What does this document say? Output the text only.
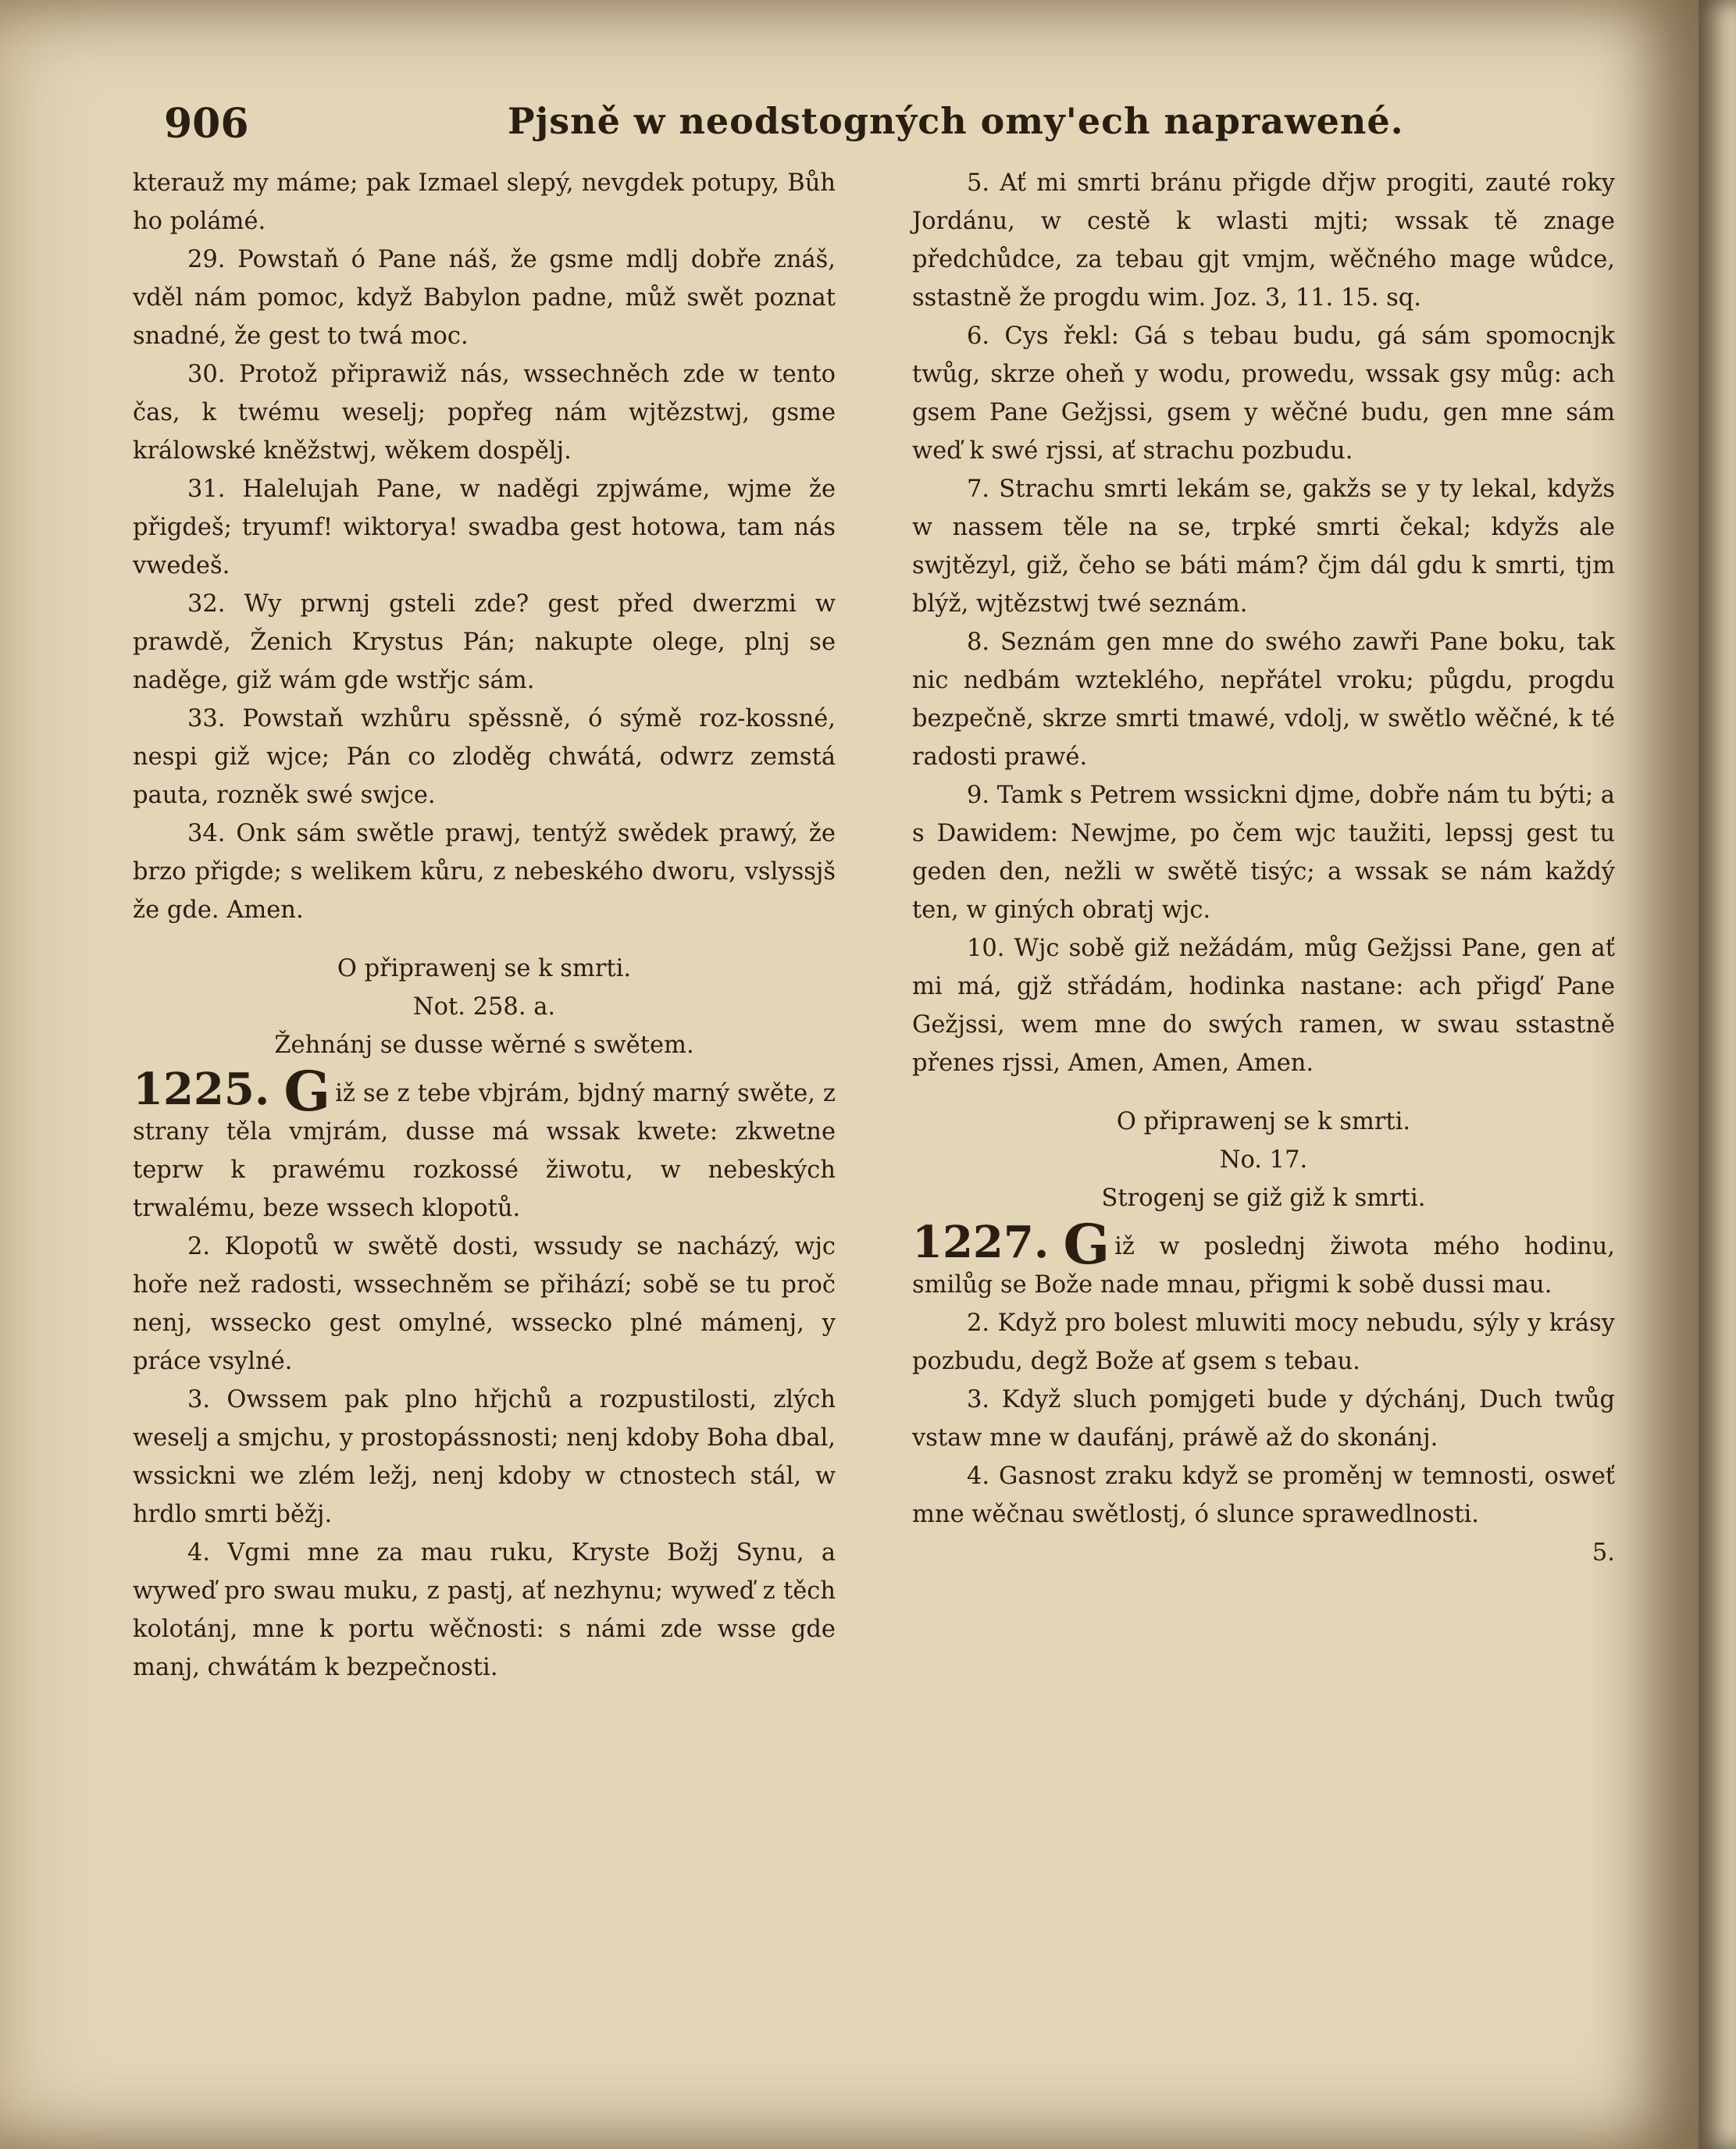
906	Pjsně w neodstogných omy'ech naprawené.

kterauž my máme; pak Izmael slepý, nevgdek potupy, Bůh ho polámé.

29. Powstaň ó Pane náš, že gsme mdlj dobře znáš, vděl nám pomoc, když Babylon padne, můž swět poznat snadné, že gest to twá moc.

30. Protož připrawiž nás, wssechněch zde w tento čas, k twému weselj; popřeg nám wjtězstwj, gsme králowské kněžstwj, wěkem dospělj.

31. Halelujah Pane, w naděgi zpjwáme, wjme že přigdeš; tryumf! wiktorya! swadba gest hotowa, tam nás vwedeš.

32. Wy prwnj gsteli zde? gest před dwerzmi w prawdě, Ženich Krystus Pán; nakupte olege, plnj se naděge, giž wám gde wstřjc sám.

33. Powstaň wzhůru spěssně, ó sýmě roz-kossné, nespi giž wjce; Pán co zloděg chwátá, odwrz zemstá pauta, rozněk swé swjce.

34. Onk sám swětle prawj, tentýž swědek prawý, že brzo přigde; s welikem kůru, z nebeského dworu, vslyssjš že gde. Amen.

O připrawenj se k smrti.

Not. 258. a.

Žehnánj se dusse wěrné s swětem.

1225. G iž se z tebe vbjrám, bjdný marný swěte, z strany těla vmjrám, dusse má wssak kwete: zkwetne teprw k prawému rozkossé žiwotu, w nebeských trwalému, beze wssech klopotů.

2. Klopotů w swětě dosti, wssudy se nacházý, wjc hoře než radosti, wssechněm se přihází; sobě se tu proč nenj, wssecko gest omylné, wssecko plné mámenj, y práce vsylné.

3. Owssem pak plno hřjchů a rozpustilosti, zlých weselj a smjchu, y prostopássnosti; nenj kdoby Boha dbal, wssickni we zlém ležj, nenj kdoby w ctnostech stál, w hrdlo smrti běžj.

4. Vgmi mne za mau ruku, Kryste Božj Synu, a wyweď pro swau muku, z pastj, ať nezhynu; wyweď z těch kolotánj, mne k portu wěčnosti: s námi zde wsse gde manj, chwátám k bezpečnosti.

5. Ať mi smrti bránu přigde dřjw progiti, zauté roky Jordánu, w cestě k wlasti mjti; wssak tě znage předchůdce, za tebau gjt vmjm, wěčného mage wůdce, sstastně že progdu wim. Joz. 3, 11. 15. sq.

6. Cys řekl: Gá s tebau budu, gá sám spomocnjk twůg, skrze oheň y wodu, prowedu, wssak gsy můg: ach gsem Pane Gežjssi, gsem y wěčné budu, gen mne sám weď k swé rjssi, ať strachu pozbudu.

7. Strachu smrti lekám se, gakžs se y ty lekal, kdyžs w nassem těle na se, trpké smrti čekal; kdyžs ale swjtězyl, giž, čeho se báti mám? čjm dál gdu k smrti, tjm blýž, wjtězstwj twé seznám.

8. Seznám gen mne do swého zawři Pane boku, tak nic nedbám wzteklého, nepřátel vroku; půgdu, progdu bezpečně, skrze smrti tmawé, vdolj, w swětlo wěčné, k té radosti prawé.

9. Tamk s Petrem wssickni djme, dobře nám tu býti; a s Dawidem: Newjme, po čem wjc taužiti, lepssj gest tu geden den, nežli w swětě tisýc; a wssak se nám každý ten, w giných obratj wjc.

10. Wjc sobě giž nežádám, můg Gežjssi Pane, gen ať mi má, gjž střádám, hodinka nastane: ach přigď Pane Gežjssi, wem mne do swých ramen, w swau sstastně přenes rjssi, Amen, Amen, Amen.

O připrawenj se k smrti.

No. 17.

Strogenj se giž giž k smrti.

1227. G iž w poslednj žiwota mého hodinu, smilůg se Bože nade mnau, přigmi k sobě dussi mau.

2. Když pro bolest mluwiti mocy nebudu, sýly y krásy pozbudu, degž Bože ať gsem s tebau.

3. Když sluch pomjgeti bude y dýchánj, Duch twůg vstaw mne w daufánj, práwě až do skonánj.

4. Gasnost zraku když se proměnj w temnosti, osweť mne wěčnau swětlostj, ó slunce sprawedlnosti.

5.
